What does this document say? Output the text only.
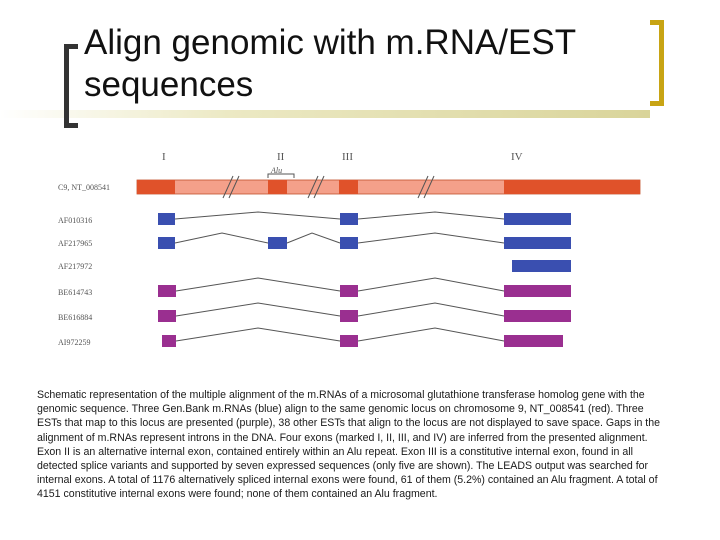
Align genomic with m.RNA/EST sequences
I	II	III	IV
Alu
C9, NT_008541
AF010316
AF217965
AF217972
BE614743
BE616884
AI972259
Schematic representation of the multiple alignment of the m.RNAs of a microsomal glutathione transferase homolog gene with the genomic sequence. Three Gen.Bank m.RNAs (blue) align to the same genomic locus on chromosome 9, NT_008541 (red). Three ESTs that map to this locus are presented (purple), 38 other ESTs that align to the locus are not displayed to save space. Gaps in the alignment of m.RNAs represent introns in the DNA. Four exons (marked I, II, III, and IV) are inferred from the presented alignment. Exon II is an alternative internal exon, contained entirely within an Alu repeat. Exon III is a constitutive internal exon, found in all detected splice variants and supported by seven expressed sequences (only five are shown). The LEADS output was searched for internal exons. A total of 1176 alternatively spliced internal exons were found, 61 of them (5.2%) contained an Alu fragment. A total of 4151 constitutive internal exons were found; none of them contained an Alu fragment.
